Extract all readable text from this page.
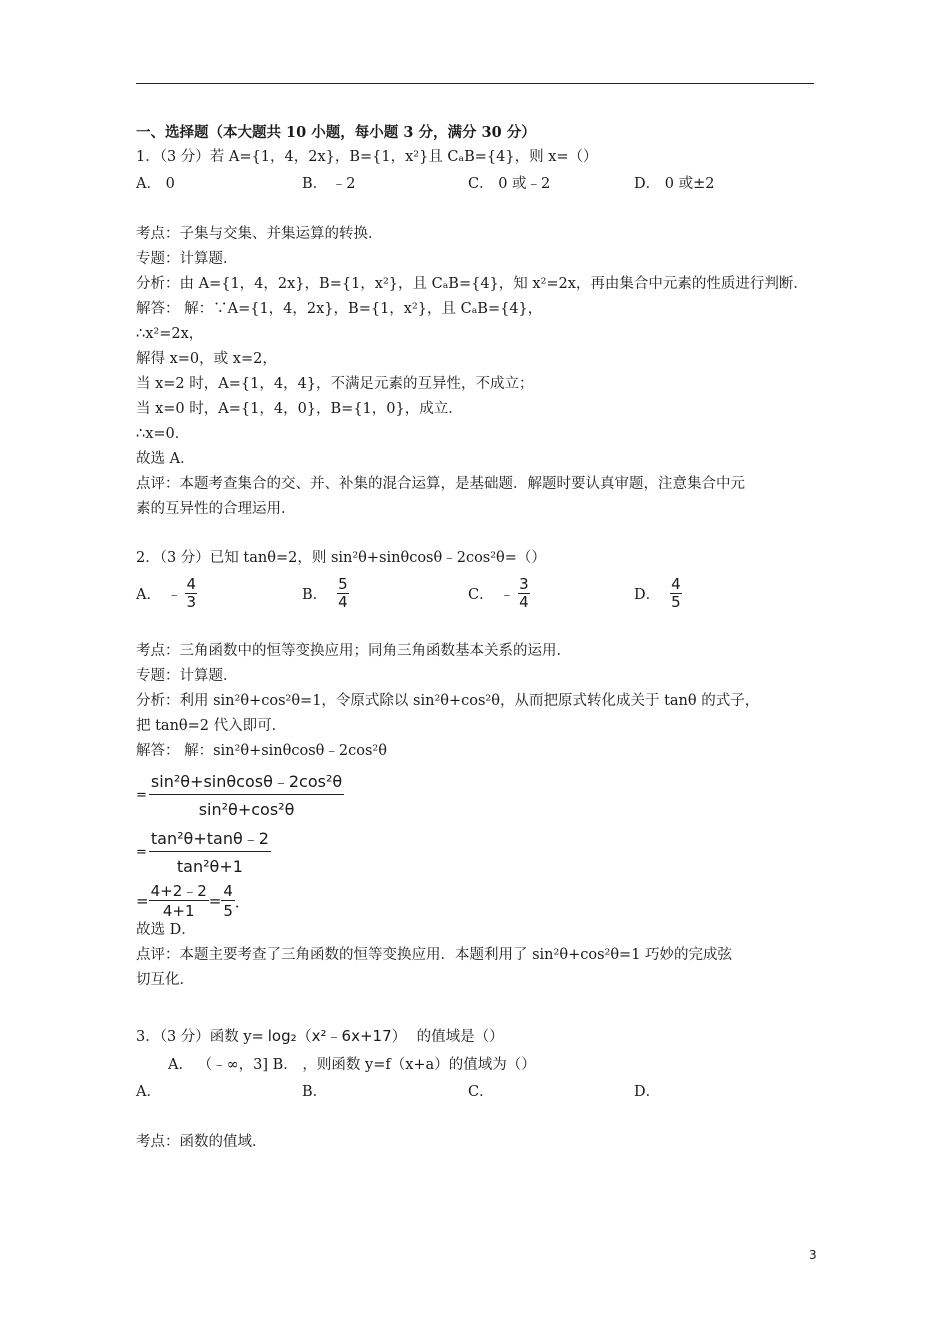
一、选择题（本大题共 10 小题，每小题 3 分，满分 30 分）
1．（3 分）若 A={1，4，2x}，B={1，x²}且 CₐB={4}，则 x=（）
A． 0	B． ﹣2	C． 0 或﹣2	D． 0 或±2
考点：子集与交集、并集运算的转换．
专题：计算题．
分析：由 A={1，4，2x}，B={1，x²}，且 CₐB={4}，知 x²=2x，再由集合中元素的性质进行判断．
解答： 解：∵A={1，4，2x}，B={1，x²}，且 CₐB={4}，
∴x²=2x，
解得 x=0，或 x=2，
当 x=2 时，A={1，4，4}，不满足元素的互异性，不成立；
当 x=0 时，A={1，4，0}，B={1，0}，成立．
∴x=0．
故选 A．
点评：本题考查集合的交、并、补集的混合运算，是基础题．解题时要认真审题，注意集合中元
素的互异性的合理运用．
2．（3 分）已知 tanθ=2，则 sin²θ+sinθcosθ﹣2cos²θ=（）
A． ﹣ $\frac{4}{3}$	B． $\frac{5}{4}$	C． ﹣ $\frac{3}{4}$	D． $\frac{4}{5}$
考点：三角函数中的恒等变换应用；同角三角函数基本关系的运用．
专题：计算题．
分析：利用 sin²θ+cos²θ=1，令原式除以 sin²θ+cos²θ，从而把原式转化成关于 tanθ 的式子，
把 tanθ=2 代入即可．
解答： 解：sin²θ+sinθcosθ﹣2cos²θ
= $\frac{\text{sin²θ+sinθcosθ﹣2cos²θ}}{\text{sin²θ+cos²θ}}$
= $\frac{\text{tan²θ+tanθ﹣2}}{\text{tan²θ+1}}$
= $\frac{4+2﹣2}{4+1} = \frac{4}{5}$ ．
故选 D．
点评：本题主要考查了三角函数的恒等变换应用．本题利用了 sin²θ+cos²θ=1 巧妙的完成弦
切互化．
3．（3 分）函数 y= log₂（x²﹣6x+17） 的值域是（）
A． （﹣∞，3] B． ，则函数 y=f（x+a）的值域为（）
A．	B．	C．	D．
考点：函数的值域．
3
